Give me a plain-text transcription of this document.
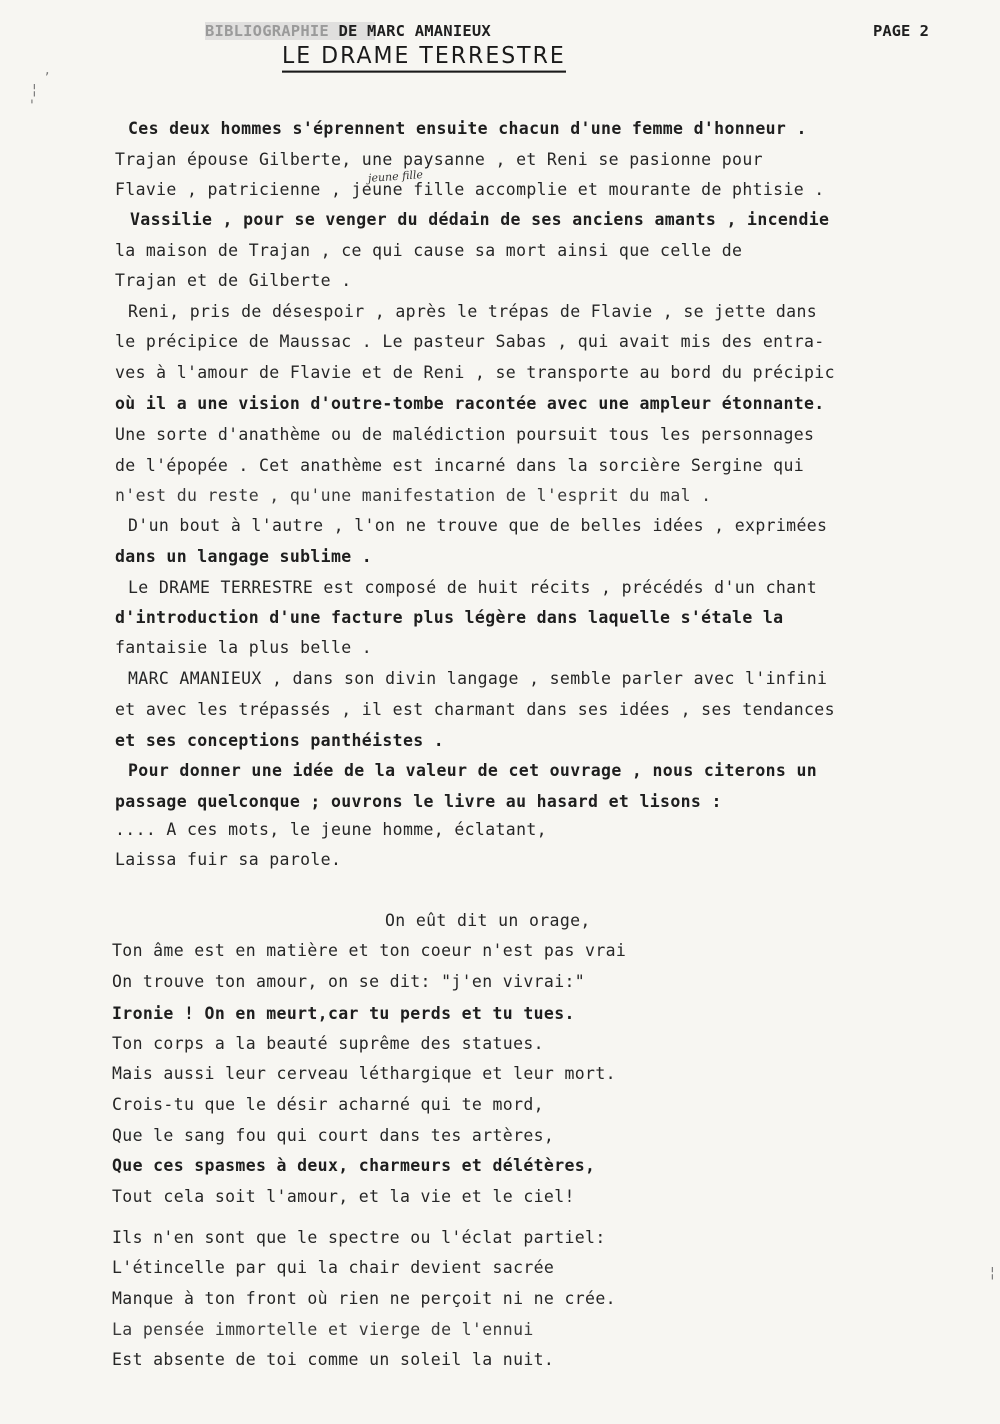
BIBLIOGRAPHIE DE MARC AMANIEUX	PAGE 2
LE DRAME TERRESTRE
,
¦
'
¦
jeune fille
Ces deux hommes s'éprennent ensuite chacun d'une femme d'honneur .
Trajan épouse Gilberte, une paysanne , et Reni se pasionne pour
Flavie , patricienne , jeune fille accomplie et mourante de phtisie .
Vassilie , pour se venger du dédain de ses anciens amants , incendie
la maison de Trajan , ce qui cause sa mort ainsi que celle de
Trajan et de Gilberte .
Reni, pris de désespoir , après le trépas de Flavie , se jette dans
le précipice de Maussac . Le pasteur Sabas , qui avait mis des entra-
ves à l'amour de Flavie et de Reni , se transporte au bord du précipic
où il a une vision d'outre-tombe racontée avec une ampleur étonnante.
Une sorte d'anathème ou de malédiction poursuit tous les personnages
de l'épopée . Cet anathème est incarné dans la sorcière Sergine qui
n'est du reste , qu'une manifestation de l'esprit du mal .
D'un bout à l'autre , l'on ne trouve que de belles idées , exprimées
dans un langage sublime .
Le DRAME TERRESTRE est composé de huit récits , précédés d'un chant
d'introduction d'une facture plus légère dans laquelle s'étale la
fantaisie la plus belle .
MARC AMANIEUX , dans son divin langage , semble parler avec l'infini
et avec les trépassés , il est charmant dans ses idées , ses tendances
et ses conceptions panthéistes .
Pour donner une idée de la valeur de cet ouvrage , nous citerons un
passage quelconque ; ouvrons le livre au hasard et lisons :
.... A ces mots, le jeune homme, éclatant,
Laissa fuir sa parole.
On eût dit un orage,
Ton âme est en matière et ton coeur n'est pas vrai
On trouve ton amour, on se dit: "j'en vivrai:"
Ironie ! On en meurt,car tu perds et tu tues.
Ton corps a la beauté suprême des statues.
Mais aussi leur cerveau léthargique et leur mort.
Crois-tu que le désir acharné qui te mord,
Que le sang fou qui court dans tes artères,
Que ces spasmes à deux, charmeurs et délétères,
Tout cela soit l'amour, et la vie et le ciel!
Ils n'en sont que le spectre ou l'éclat partiel:
L'étincelle par qui la chair devient sacrée
Manque à ton front où rien ne perçoit ni ne crée.
La pensée immortelle et vierge de l'ennui
Est absente de toi comme un soleil la nuit.
